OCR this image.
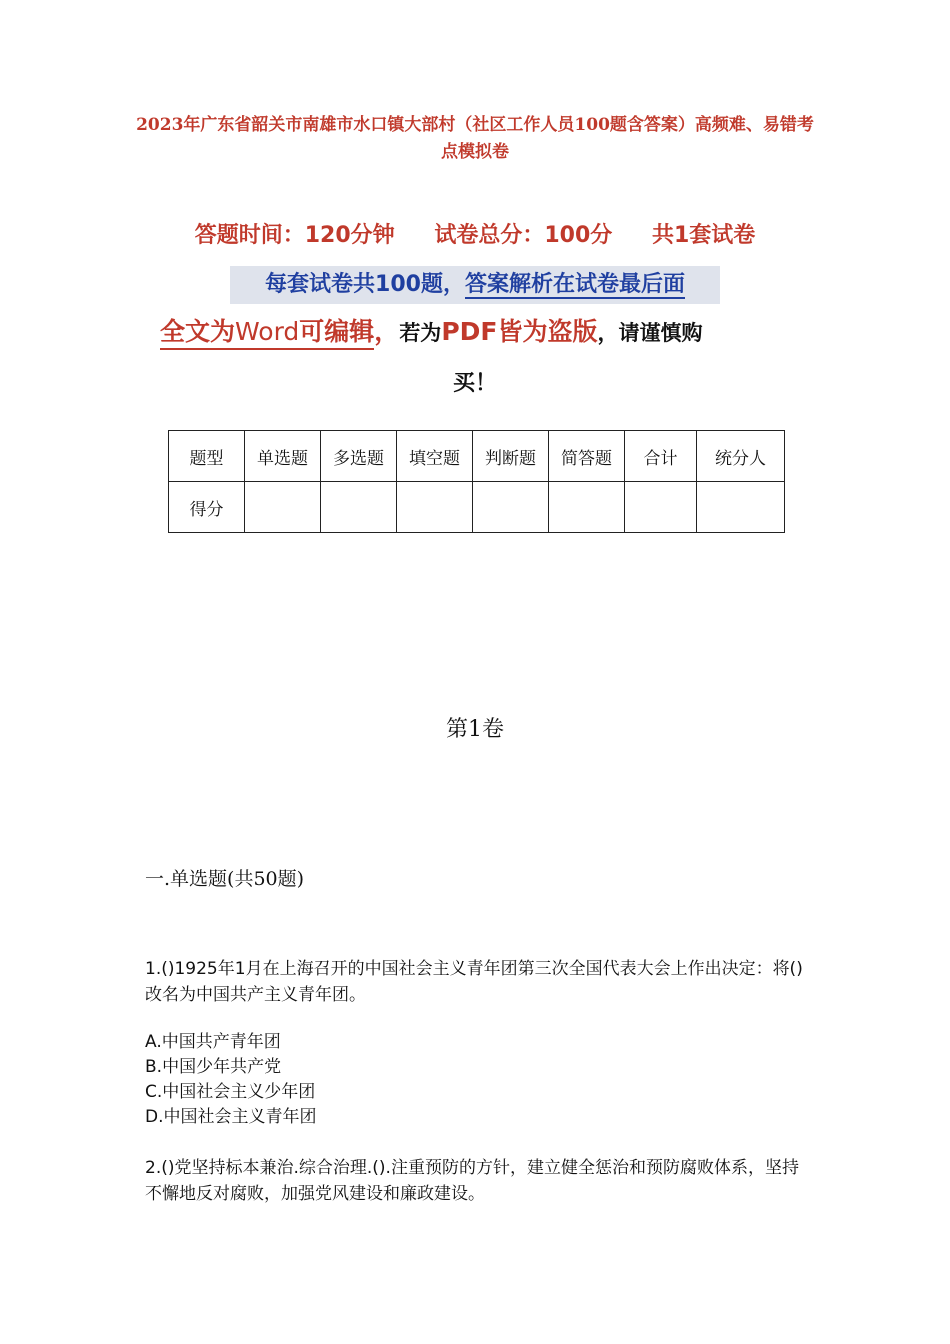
2023年广东省韶关市南雄市水口镇大部村（社区工作人员100题含答案）高频难、易错考点模拟卷
答题时间：120分钟 试卷总分：100分 共1套试卷
每套试卷共100题，答案解析在试卷最后面
全文为Word可编辑，若为PDF皆为盗版，请谨慎购
买！
题型	单选题	多选题	填空题	判断题	简答题	合计	统分人
得分							
第1卷
一.单选题(共50题)
1.()1925年1月在上海召开的中国社会主义青年团第三次全国代表大会上作出决定：将()改名为中国共产主义青年团。
A.中国共产青年团
B.中国少年共产党
C.中国社会主义少年团
D.中国社会主义青年团
2.()党坚持标本兼治.综合治理.().注重预防的方针，建立健全惩治和预防腐败体系，坚持不懈地反对腐败，加强党风建设和廉政建设。
